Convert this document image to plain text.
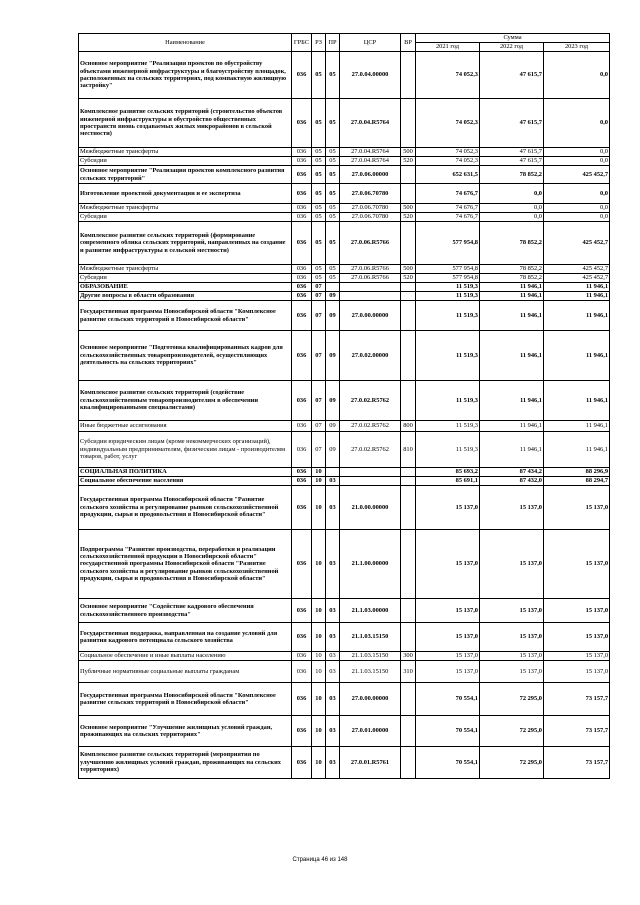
Наименование	ГРБС	РЗ	ПР	ЦСР	ВР	Сумма		
						2021 год	2022 год	2023 год
Основное мероприятие "Реализация проектов по обустройству объектами инженерной инфраструктуры и благоустройству площадок, расположенных на сельских территориях, под компактную жилищную застройку"	036	05	05	27.0.04.00000		74 052,3	47 615,7	0,0
Комплексное развитие сельских территорий (строительство объектов инженерной инфраструктуры и обустройство общественных пространств вновь создаваемых жилых микрорайонов в сельской местности)	036	05	05	27.0.04.R5764		74 052,3	47 615,7	0,0
Межбюджетные трансферты	036	05	05	27.0.04.R5764	500	74 052,3	47 615,7	0,0
Субсидии	036	05	05	27.0.04.R5764	520	74 052,3	47 615,7	0,0
Основное мероприятие "Реализация проектов комплексного развития сельских территорий"	036	05	05	27.0.06.00000		652 631,5	78 852,2	425 452,7
Изготовление проектной документации и ее экспертиза	036	05	05	27.0.06.70780		74 676,7	0,0	0,0
Межбюджетные трансферты	036	05	05	27.0.06.70780	500	74 676,7	0,0	0,0
Субсидии	036	05	05	27.0.06.70780	520	74 676,7	0,0	0,0
Комплексное развитие сельских территорий (формирование современного облика сельских территорий, направленных на создание и развитие инфраструктуры в сельской местности)	036	05	05	27.0.06.R5766		577 954,8	78 852,2	425 452,7
Межбюджетные трансферты	036	05	05	27.0.06.R5766	500	577 954,8	78 852,2	425 452,7
Субсидии	036	05	05	27.0.06.R5766	520	577 954,8	78 852,2	425 452,7
ОБРАЗОВАНИЕ	036	07				11 519,3	11 946,1	11 946,1
Другие вопросы в области образования	036	07	09			11 519,3	11 946,1	11 946,1
Государственная программа Новосибирской области "Комплексное развитие сельских территорий в Новосибирской области"	036	07	09	27.0.00.00000		11 519,3	11 946,1	11 946,1
Основное мероприятие "Подготовка квалифицированных кадров для сельскохозяйственных товаропроизводителей, осуществляющих деятельность на сельских территориях"	036	07	09	27.0.02.00000		11 519,3	11 946,1	11 946,1
Комплексное развитие сельских территорий (содействие сельскохозяйственным товаропроизводителям в обеспечении квалифицированными специалистами)	036	07	09	27.0.02.R5762		11 519,3	11 946,1	11 946,1
Иные бюджетные ассигнования	036	07	09	27.0.02.R5762	800	11 519,3	11 946,1	11 946,1
Субсидии юридическим лицам (кроме некоммерческих организаций), индивидуальным предпринимателям, физическим лицам - производителям товаров, работ, услуг	036	07	09	27.0.02.R5762	810	11 519,3	11 946,1	11 946,1
СОЦИАЛЬНАЯ ПОЛИТИКА	036	10				85 693,2	87 434,2	88 296,9
Социальное обеспечение населения	036	10	03			85 691,1	87 432,0	88 294,7
Государственная программа Новосибирской области "Развитие сельского хозяйства и регулирование рынков сельскохозяйственной продукции, сырья и продовольствия в Новосибирской области"	036	10	03	21.0.00.00000		15 137,0	15 137,0	15 137,0
Подпрограмма "Развитие производства, переработки и реализации сельскохозяйственной продукции в Новосибирской области" государственной программы Новосибирской области "Развитие сельского хозяйства и регулирование рынков сельскохозяйственной продукции, сырья и продовольствия в Новосибирской области"	036	10	03	21.1.00.00000		15 137,0	15 137,0	15 137,0
Основное мероприятие "Содействие кадрового обеспечения сельскохозяйственного производства"	036	10	03	21.1.03.00000		15 137,0	15 137,0	15 137,0
Государственная поддержка, направленная на создание условий для развития кадрового потенциала сельского хозяйства	036	10	03	21.1.03.15150		15 137,0	15 137,0	15 137,0
Социальное обеспечение и иные выплаты населению	036	10	03	21.1.03.15150	300	15 137,0	15 137,0	15 137,0
Публичные нормативные социальные выплаты гражданам	036	10	03	21.1.03.15150	310	15 137,0	15 137,0	15 137,0
Государственная программа Новосибирской области "Комплексное развитие сельских территорий в Новосибирской области"	036	10	03	27.0.00.00000		70 554,1	72 295,0	73 157,7
Основное мероприятие "Улучшение жилищных условий граждан, проживающих на сельских территориях"	036	10	03	27.0.01.00000		70 554,1	72 295,0	73 157,7
Комплексное развитие сельских территорий (мероприятия по улучшению жилищных условий граждан, проживающих на сельских территориях)	036	10	03	27.0.01.R5761		70 554,1	72 295,0	73 157,7
Страница 46 из 148
